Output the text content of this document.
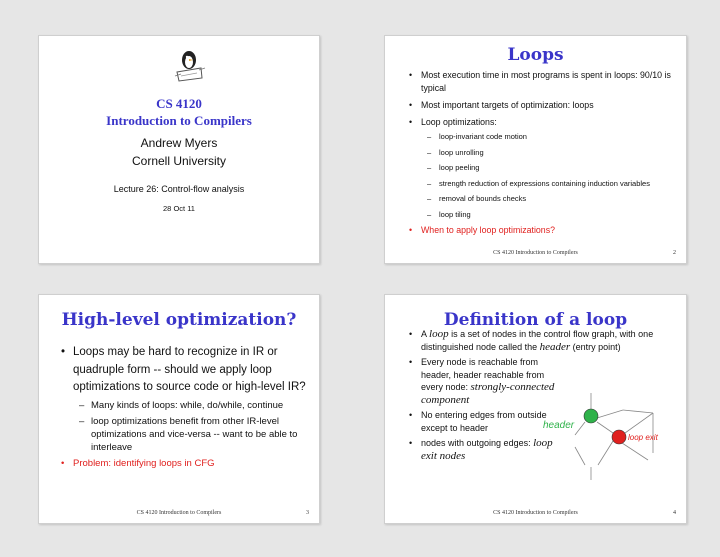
CS 4120
Introduction to Compilers
Andrew Myers
Cornell University
Lecture 26: Control-flow analysis
28 Oct 11
Loops
• Most execution time in most programs is spent in loops: 90/10 is typical
• Most important targets of optimization: loops
• Loop optimizations:
– loop-invariant code motion
– loop unrolling
– loop peeling
– strength reduction of expressions containing induction variables
– removal of bounds checks
– loop tiling
• When to apply loop optimizations?
CS 4120 Introduction to Compilers	2
High-level optimization?
• Loops may be hard to recognize in IR or quadruple form -- should we apply loop optimizations to source code or high-level IR?
– Many kinds of loops: while, do/while, continue
– loop optimizations benefit from other IR-level optimizations and vice-versa -- want to be able to interleave
• Problem: identifying loops in CFG
CS 4120 Introduction to Compilers	3
Definition of a loop
• A loop is a set of nodes in the control flow graph, with one distinguished node called the header (entry point)
• Every node is reachable from header, header reachable from every node: strongly-connected component
• No entering edges from outside except to header
• nodes with outgoing edges: loop exit nodes
header
loop exit
CS 4120 Introduction to Compilers	4
